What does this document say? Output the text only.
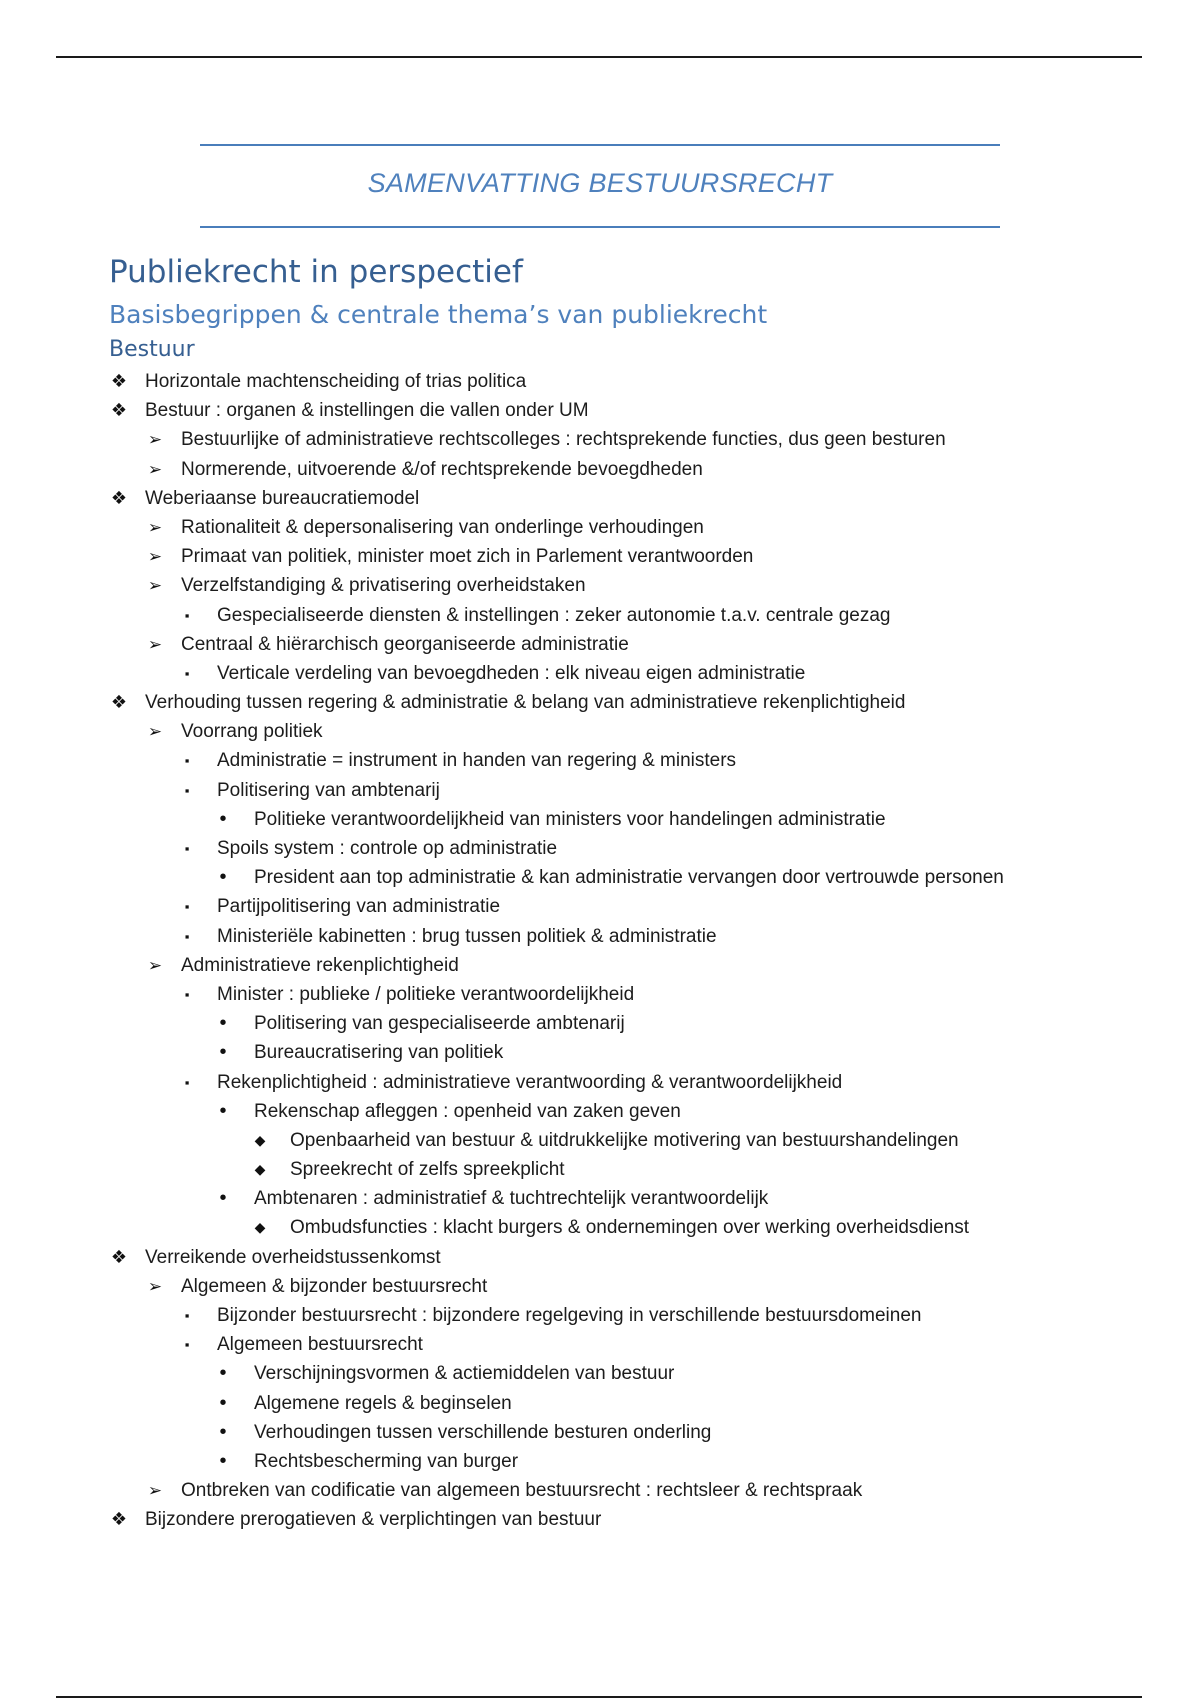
SAMENVATTING BESTUURSRECHT
Publiekrecht in perspectief
Basisbegrippen & centrale thema’s van publiekrecht
Bestuur
❖ Horizontale machtenscheiding of trias politica
❖ Bestuur : organen & instellingen die vallen onder UM
➢ Bestuurlijke of administratieve rechtscolleges : rechtsprekende functies, dus geen besturen
➢ Normerende, uitvoerende &/of rechtsprekende bevoegdheden
❖ Weberiaanse bureaucratiemodel
➢ Rationaliteit & depersonalisering van onderlinge verhoudingen
➢ Primaat van politiek, minister moet zich in Parlement verantwoorden
➢ Verzelfstandiging & privatisering overheidstaken
▪	Gespecialiseerde diensten & instellingen : zeker autonomie t.a.v. centrale gezag
➢ Centraal & hiërarchisch georganiseerde administratie
▪	Verticale verdeling van bevoegdheden : elk niveau eigen administratie
❖ Verhouding tussen regering & administratie & belang van administratieve rekenplichtigheid
➢ Voorrang politiek
▪	Administratie = instrument in handen van regering & ministers
▪	Politisering van ambtenarij
•	Politieke verantwoordelijkheid van ministers voor handelingen administratie
▪	Spoils system : controle op administratie
•	President aan top administratie & kan administratie vervangen door vertrouwde personen
▪	Partijpolitisering van administratie
▪	Ministeriële kabinetten : brug tussen politiek & administratie
➢ Administratieve rekenplichtigheid
▪	Minister : publieke / politieke verantwoordelijkheid
•	Politisering van gespecialiseerde ambtenarij
•	Bureaucratisering van politiek
▪	Rekenplichtigheid : administratieve verantwoording & verantwoordelijkheid
•	Rekenschap afleggen : openheid van zaken geven
◆ Openbaarheid van bestuur & uitdrukkelijke motivering van bestuurshandelingen
◆ Spreekrecht of zelfs spreekplicht
•	Ambtenaren : administratief & tuchtrechtelijk verantwoordelijk
◆ Ombudsfuncties : klacht burgers & ondernemingen over werking overheidsdienst
❖ Verreikende overheidstussenkomst
➢ Algemeen & bijzonder bestuursrecht
▪	Bijzonder bestuursrecht : bijzondere regelgeving in verschillende bestuursdomeinen
▪	Algemeen bestuursrecht
•	Verschijningsvormen & actiemiddelen van bestuur
•	Algemene regels & beginselen
•	Verhoudingen tussen verschillende besturen onderling
•	Rechtsbescherming van burger
➢ Ontbreken van codificatie van algemeen bestuursrecht : rechtsleer & rechtspraak
❖ Bijzondere prerogatieven & verplichtingen van bestuur
